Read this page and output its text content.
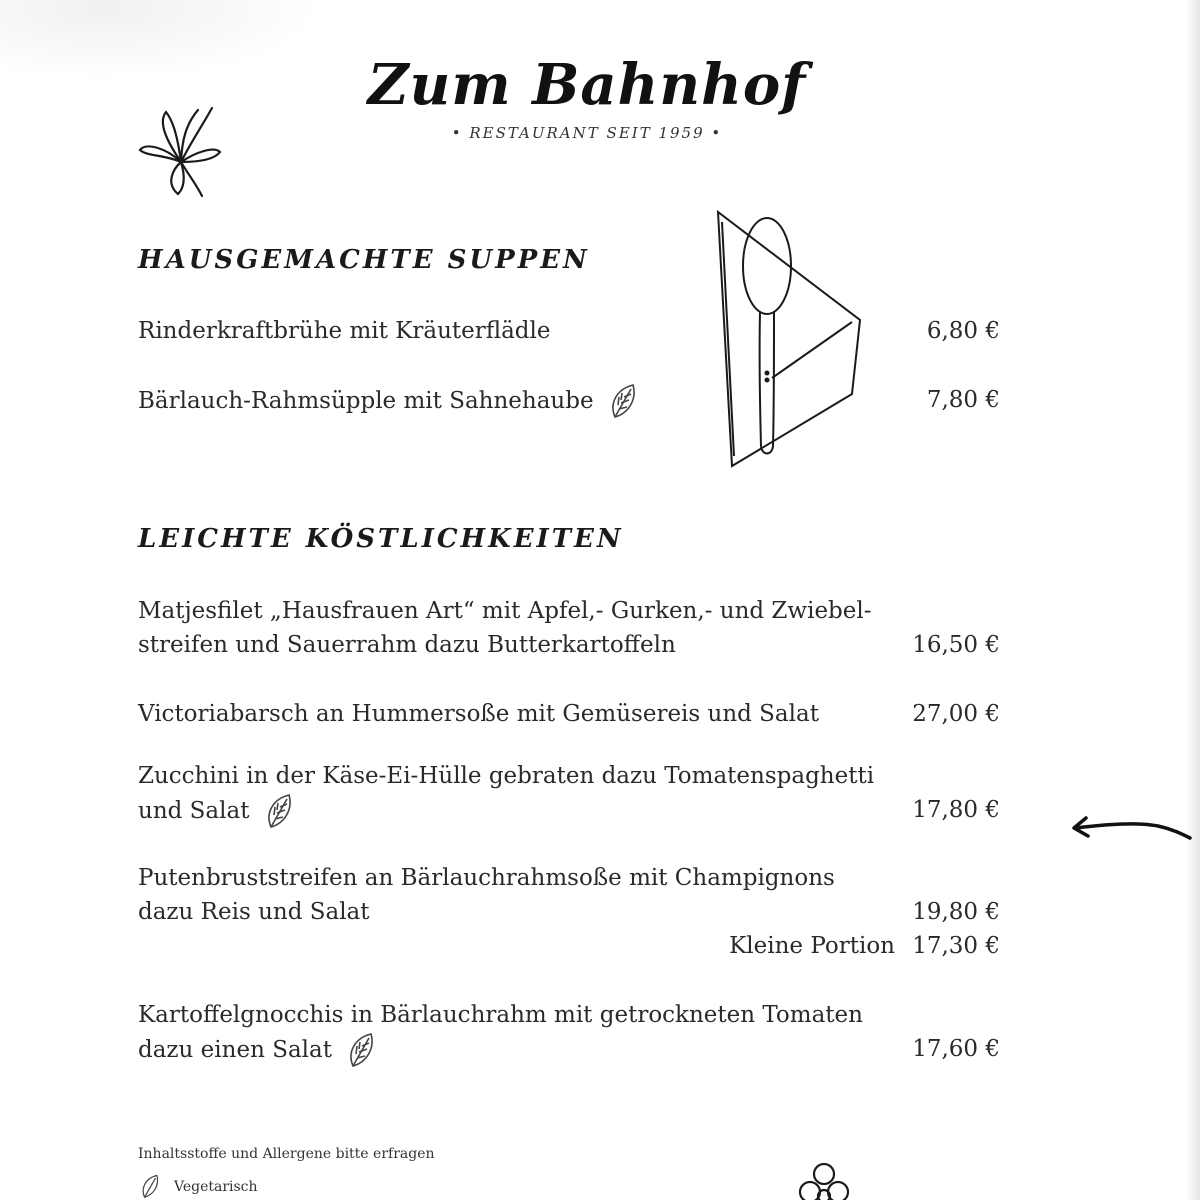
Zum Bahnhof
• RESTAURANT SEIT 1959 •
HAUSGEMACHTE SUPPEN
Rinderkraftbrühe mit Kräuterflädle	6,80 €
Bärlauch-Rahmsüpple mit Sahnehaube	7,80 €
LEICHTE KÖSTLICHKEITEN
Matjesfilet „Hausfrauen Art“ mit Apfel,- Gurken,- und Zwiebel-
streifen und Sauerrahm dazu Butterkartoffeln	16,50 €
Victoriabarsch an Hummersoße mit Gemüsereis und Salat	27,00 €
Zucchini in der Käse-Ei-Hülle gebraten dazu Tomatenspaghetti
und Salat	17,80 €
Putenbruststreifen an Bärlauchrahmsoße mit Champignons
dazu Reis und Salat	19,80 €
Kleine Portion 17,30 €
Kartoffelgnocchis in Bärlauchrahm mit getrockneten Tomaten
dazu einen Salat	17,60 €
Inhaltsstoffe und Allergene bitte erfragen
Vegetarisch
